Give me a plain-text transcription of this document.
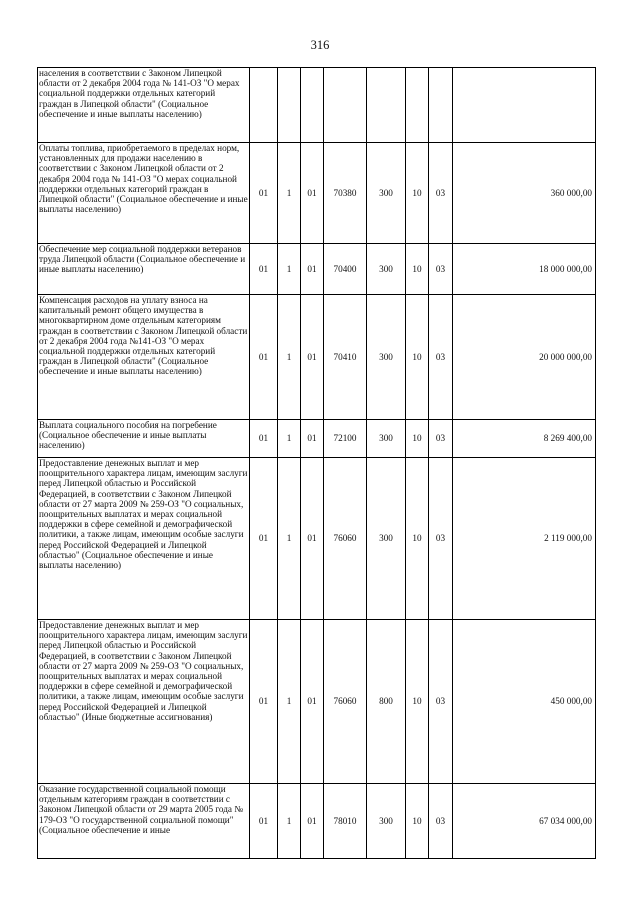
316
населения в соответствии с Законом Липецкой области от 2 декабря 2004 года № 141-ОЗ "О мерах социальной поддержки отдельных категорий граждан в Липецкой области" (Социальное обеспечение и иные выплаты населению)								
Оплаты топлива, приобретаемого в пределах норм, установленных для продажи населению в соответствии с Законом Липецкой области от 2 декабря 2004 года № 141-ОЗ "О мерах социальной поддержки отдельных категорий граждан в Липецкой области" (Социальное обеспечение и иные выплаты населению)	01	1	01	70380	300	10	03	360 000,00
Обеспечение мер социальной поддержки ветеранов труда Липецкой области (Социальное обеспечение и иные выплаты населению)	01	1	01	70400	300	10	03	18 000 000,00
Компенсация расходов на уплату взноса на капитальный ремонт общего имущества в многоквартирном доме отдельным категориям граждан в соответствии с Законом Липецкой области от 2 декабря 2004 года №141-ОЗ "О мерах социальной поддержки отдельных категорий граждан в Липецкой области" (Социальное обеспечение и иные выплаты населению)	01	1	01	70410	300	10	03	20 000 000,00
Выплата социального пособия на погребение (Социальное обеспечение и иные выплаты населению)	01	1	01	72100	300	10	03	8 269 400,00
Предоставление денежных выплат и мер поощрительного характера лицам, имеющим заслуги перед Липецкой областью и Российской Федерацией, в соответствии с Законом Липецкой области от 27 марта 2009 № 259-ОЗ "О социальных, поощрительных выплатах и мерах социальной поддержки в сфере семейной и демографической политики, а также лицам, имеющим особые заслуги перед Российской Федерацией и Липецкой областью" (Социальное обеспечение и иные выплаты населению)	01	1	01	76060	300	10	03	2 119 000,00
Предоставление денежных выплат и мер поощрительного характера лицам, имеющим заслуги перед Липецкой областью и Российской Федерацией, в соответствии с Законом Липецкой области от 27 марта 2009 № 259-ОЗ "О социальных, поощрительных выплатах и мерах социальной поддержки в сфере семейной и демографической политики, а также лицам, имеющим особые заслуги перед Российской Федерацией и Липецкой областью" (Иные бюджетные ассигнования)	01	1	01	76060	800	10	03	450 000,00
Оказание государственной социальной помощи отдельным категориям граждан в соответствии с Законом Липецкой области от 29 марта 2005 года № 179-ОЗ "О государственной социальной помощи" (Социальное обеспечение и иные	01	1	01	78010	300	10	03	67 034 000,00
